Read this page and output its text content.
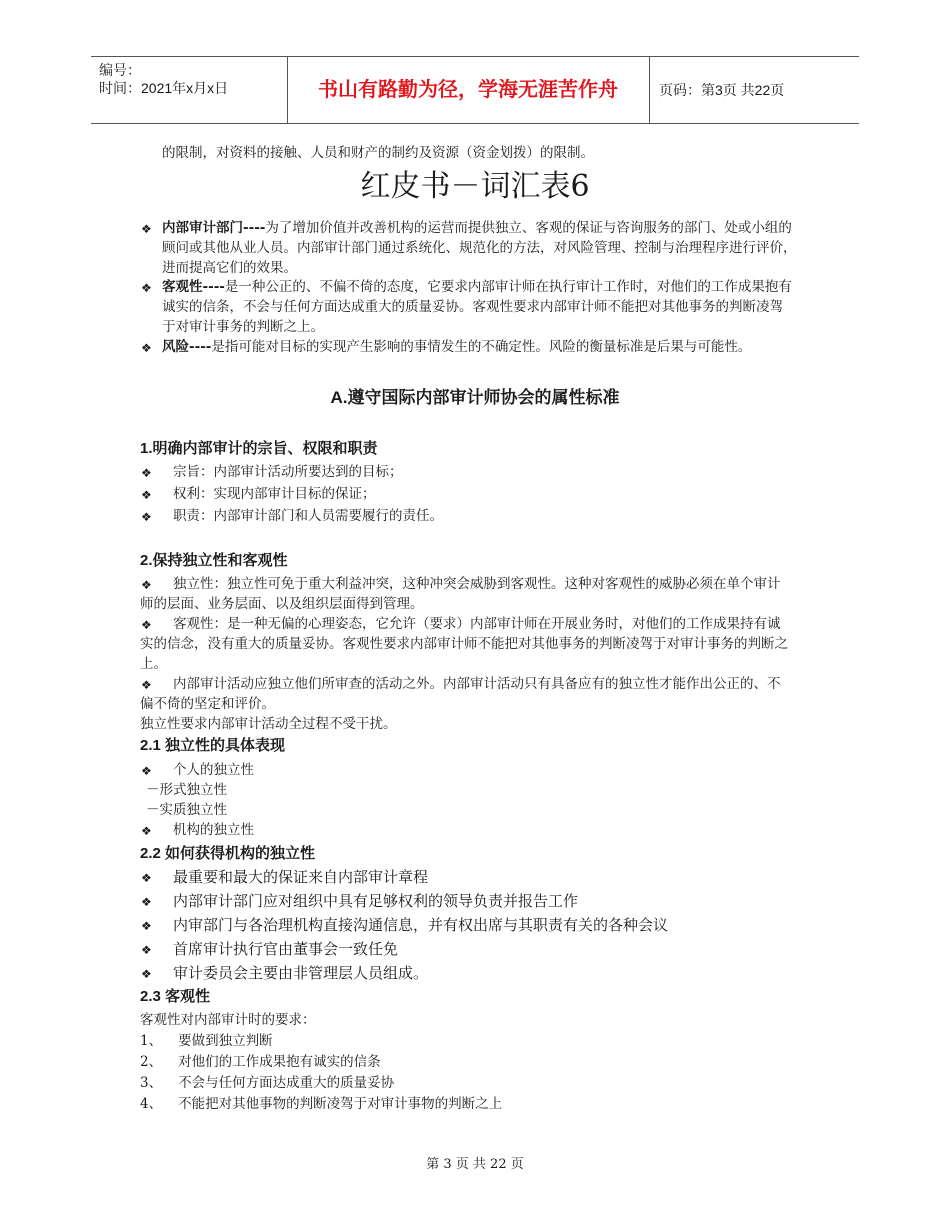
编号：
时间：2021年x月x日	书山有路勤为径，学海无涯苦作舟	页码：第3页 共22页
的限制，对资料的接触、人员和财产的制约及资源（资金划拨）的限制。
红皮书－词汇表6
❖ 内部审计部门----为了增加价值并改善机构的运营而提供独立、客观的保证与咨询服务的部门、处或小组的
顾问或其他从业人员。内部审计部门通过系统化、规范化的方法，对风险管理、控制与治理程序进行评价，
进而提高它们的效果。
❖ 客观性----是一种公正的、不偏不倚的态度，它要求内部审计师在执行审计工作时，对他们的工作成果抱有
诚实的信条，不会与任何方面达成重大的质量妥协。客观性要求内部审计师不能把对其他事务的判断凌驾
于对审计事务的判断之上。
❖ 风险----是指可能对目标的实现产生影响的事情发生的不确定性。风险的衡量标准是后果与可能性。
A.遵守国际内部审计师协会的属性标准
1.明确内部审计的宗旨、权限和职责
❖ 宗旨：内部审计活动所要达到的目标；
❖ 权利：实现内部审计目标的保证；
❖ 职责：内部审计部门和人员需要履行的责任。
2.保持独立性和客观性
❖ 独立性：独立性可免于重大利益冲突，这种冲突会威胁到客观性。这种对客观性的威胁必须在单个审计
师的层面、业务层面、以及组织层面得到管理。
❖ 客观性：是一种无偏的心理姿态，它允许（要求）内部审计师在开展业务时，对他们的工作成果持有诚
实的信念，没有重大的质量妥协。客观性要求内部审计师不能把对其他事务的判断凌驾于对审计事务的判断之
上。
❖ 内部审计活动应独立他们所审查的活动之外。内部审计活动只有具备应有的独立性才能作出公正的、不
偏不倚的坚定和评价。
独立性要求内部审计活动全过程不受干扰。
2.1 独立性的具体表现
❖ 个人的独立性
－形式独立性
－实质独立性
❖ 机构的独立性
2.2 如何获得机构的独立性
❖ 最重要和最大的保证来自内部审计章程
❖ 内部审计部门应对组织中具有足够权利的领导负责并报告工作
❖ 内审部门与各治理机构直接沟通信息，并有权出席与其职责有关的各种会议
❖ 首席审计执行官由董事会一致任免
❖ 审计委员会主要由非管理层人员组成。
2.3 客观性
客观性对内部审计时的要求：
1、 要做到独立判断
2、 对他们的工作成果抱有诚实的信条
3、 不会与任何方面达成重大的质量妥协
4、 不能把对其他事物的判断凌驾于对审计事物的判断之上
第 3 页 共 22 页
